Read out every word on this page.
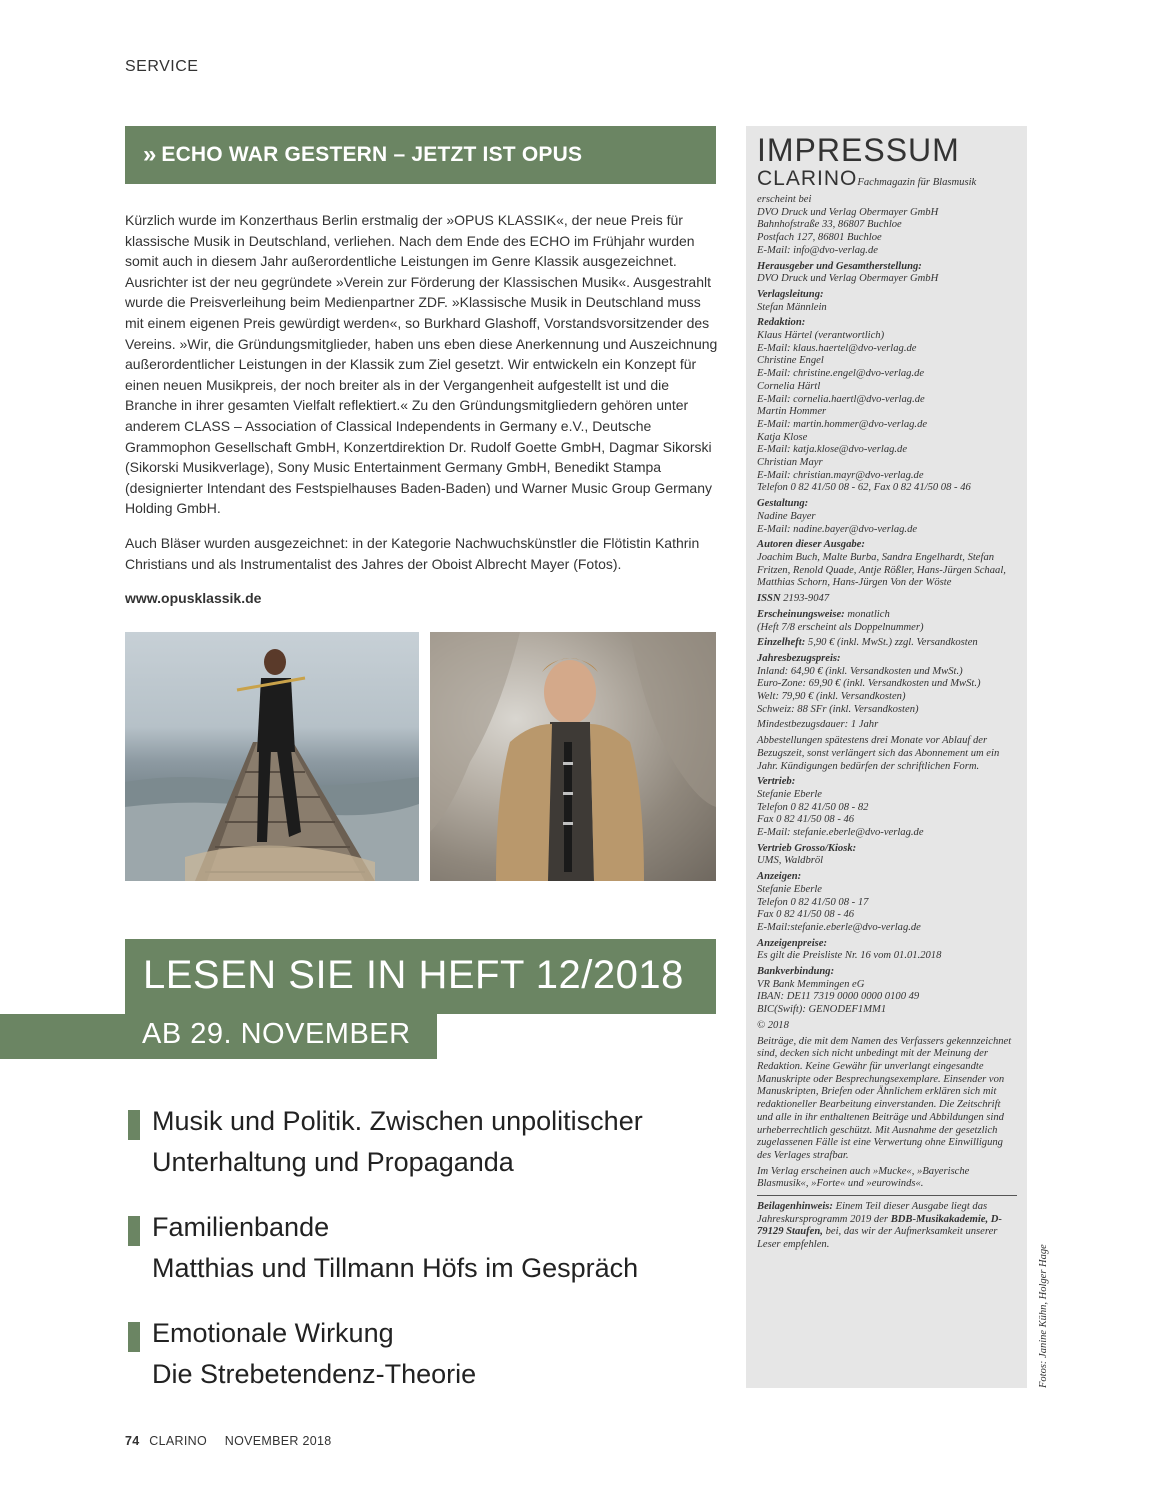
SERVICE
» ECHO WAR GESTERN – JETZT IST OPUS

Kürzlich wurde im Konzerthaus Berlin erstmalig der »OPUS KLASSIK«, der neue Preis für klassische Musik in Deutschland, verliehen. Nach dem Ende des ECHO im Frühjahr wurden somit auch in diesem Jahr außerordentliche Leistungen im Genre Klassik ausgezeichnet. Ausrichter ist der neu gegründete »Verein zur Förderung der Klassischen Musik«. Ausgestrahlt wurde die Preisverleihung beim Medienpartner ZDF. »Klassische Musik in Deutschland muss mit einem eigenen Preis gewürdigt werden«, so Burkhard Glashoff, Vorstandsvorsitzender des Vereins. »Wir, die Gründungsmitglieder, haben uns eben diese Anerkennung und Auszeichnung außerordentlicher Leistungen in der Klassik zum Ziel gesetzt. Wir entwickeln ein Konzept für einen neuen Musikpreis, der noch breiter als in der Vergangenheit aufgestellt ist und die Branche in ihrer gesamten Vielfalt reflektiert.« Zu den Gründungsmitgliedern gehören unter anderem CLASS – Association of Classical Independents in Germany e.V., Deutsche Grammophon Gesellschaft GmbH, Konzertdirektion Dr. Rudolf Goette GmbH, Dagmar Sikorski (Sikorski Musikverlage), Sony Music Entertainment Germany GmbH, Benedikt Stampa (designierter Intendant des Festspielhauses Baden-Baden) und Warner Music Group Germany Holding GmbH.

Auch Bläser wurden ausgezeichnet: in der Kategorie Nachwuchskünstler die Flötistin Kathrin Christians und als Instrumentalist des Jahres der Oboist Albrecht Mayer (Fotos).

www.opusklassik.de

LESEN SIE IN HEFT 12/2018
AB 29. NOVEMBER
Musik und Politik. Zwischen unpolitischer
Unterhaltung und Propaganda
Familienbande
Matthias und Tillmann Höfs im Gespräch
Emotionale Wirkung
Die Strebetendenz-Theorie
74 CLARINO NOVEMBER 2018
IMPRESSUM
CLARINOFachmagazin für Blasmusik
erscheint bei
DVO Druck und Verlag Obermayer GmbH
Bahnhofstraße 33, 86807 Buchloe
Postfach 127, 86801 Buchloe
E-Mail: info@dvo-verlag.de
Herausgeber und Gesamtherstellung:
DVO Druck und Verlag Obermayer GmbH
Verlagsleitung:
Stefan Männlein
Redaktion:
Klaus Härtel (verantwortlich)
E-Mail: klaus.haertel@dvo-verlag.de
Christine Engel
E-Mail: christine.engel@dvo-verlag.de
Cornelia Härtl
E-Mail: cornelia.haertl@dvo-verlag.de
Martin Hommer
E-Mail: martin.hommer@dvo-verlag.de
Katja Klose
E-Mail: katja.klose@dvo-verlag.de
Christian Mayr
E-Mail: christian.mayr@dvo-verlag.de
Telefon 0 82 41/50 08 - 62, Fax 0 82 41/50 08 - 46
Gestaltung:
Nadine Bayer
E-Mail: nadine.bayer@dvo-verlag.de
Autoren dieser Ausgabe:
Joachim Buch, Malte Burba, Sandra Engelhardt, Stefan Fritzen, Renold Quade, Antje Rößler, Hans-Jürgen Schaal, Matthias Schorn, Hans-Jürgen Von der Wöste
ISSN 2193-9047
Erscheinungsweise: monatlich
(Heft 7/8 erscheint als Doppelnummer)
Einzelheft: 5,90 € (inkl. MwSt.) zzgl. Versandkosten
Jahresbezugspreis:
Inland: 64,90 € (inkl. Versandkosten und MwSt.)
Euro-Zone: 69,90 € (inkl. Versandkosten und MwSt.)
Welt: 79,90 € (inkl. Versandkosten)
Schweiz: 88 SFr (inkl. Versandkosten)
Mindestbezugsdauer: 1 Jahr
Abbestellungen spätestens drei Monate vor Ablauf der Bezugszeit, sonst verlängert sich das Abonnement um ein Jahr. Kündigungen bedürfen der schriftlichen Form.
Vertrieb:
Stefanie Eberle
Telefon 0 82 41/50 08 - 82
Fax 0 82 41/50 08 - 46
E-Mail: stefanie.eberle@dvo-verlag.de
Vertrieb Grosso/Kiosk:
UMS, Waldbröl
Anzeigen:
Stefanie Eberle
Telefon 0 82 41/50 08 - 17
Fax 0 82 41/50 08 - 46
E-Mail:stefanie.eberle@dvo-verlag.de
Anzeigenpreise:
Es gilt die Preisliste Nr. 16 vom 01.01.2018
Bankverbindung:
VR Bank Memmingen eG
IBAN: DE11 7319 0000 0000 0100 49
BIC(Swift): GENODEF1MM1
© 2018
Beiträge, die mit dem Namen des Verfassers gekennzeichnet sind, decken sich nicht unbedingt mit der Meinung der Redaktion. Keine Gewähr für unverlangt eingesandte Manuskripte oder Besprechungsexemplare. Einsender von Manuskripten, Briefen oder Ähnlichem erklären sich mit redaktioneller Bearbeitung einverstanden. Die Zeitschrift und alle in ihr enthaltenen Beiträge und Abbildungen sind urheberrechtlich geschützt. Mit Ausnahme der gesetzlich zugelassenen Fälle ist eine Verwertung ohne Einwilligung des Verlages strafbar.
Im Verlag erscheinen auch »Mucke«, »Bayerische Blasmusik«, »Forte« und »eurowinds«.
Beilagenhinweis: Einem Teil dieser Ausgabe liegt das Jahreskursprogramm 2019 der BDB-Musikakademie, D-79129 Staufen, bei, das wir der Aufmerksamkeit unserer Leser empfehlen.	Fotos: Janine Kühn, Holger Hage
